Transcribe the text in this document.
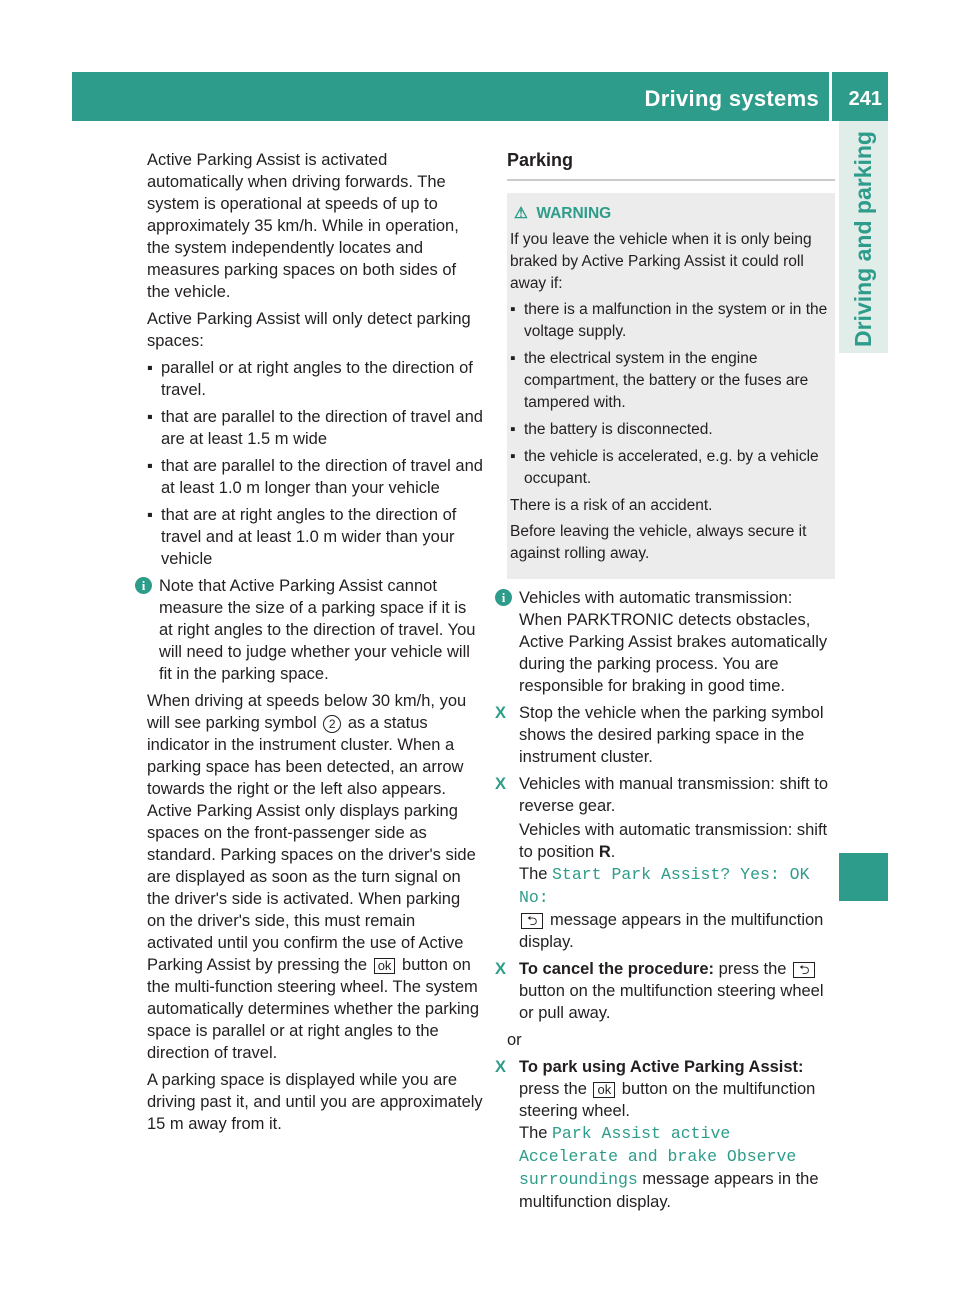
Driving systems 241
Driving and parking

Active Parking Assist is activated automatically when driving forwards. The system is operational at speeds of up to approximately 35 km/h. While in operation, the system independently locates and measures parking spaces on both sides of the vehicle.

Active Parking Assist will only detect parking spaces:

▪ parallel or at right angles to the direction of travel.
▪ that are parallel to the direction of travel and are at least 1.5 m wide
▪ that are parallel to the direction of travel and at least 1.0 m longer than your vehicle
▪ that are at right angles to the direction of travel and at least 1.0 m wider than your vehicle
i Note that Active Parking Assist cannot measure the size of a parking space if it is at right angles to the direction of travel. You will need to judge whether your vehicle will fit in the parking space.

When driving at speeds below 30 km/h, you will see parking symbol 2 as a status indicator in the instrument cluster. When a parking space has been detected, an arrow towards the right or the left also appears. Active Parking Assist only displays parking spaces on the front-passenger side as standard. Parking spaces on the driver's side are displayed as soon as the turn signal on the driver's side is activated. When parking on the driver's side, this must remain activated until you confirm the use of Active Parking Assist by pressing the ok button on the multi-function steering wheel. The system automatically determines whether the parking space is parallel or at right angles to the direction of travel.

A parking space is displayed while you are driving past it, and until you are approximately 15 m away from it.

Parking

⚠ WARNING

If you leave the vehicle when it is only being braked by Active Parking Assist it could roll away if:

▪ there is a malfunction in the system or in the voltage supply.
▪ the electrical system in the engine compartment, the battery or the fuses are tampered with.
▪ the battery is disconnected.
▪ the vehicle is accelerated, e.g. by a vehicle occupant.

There is a risk of an accident.

Before leaving the vehicle, always secure it against rolling away.

i Vehicles with automatic transmission:
When PARKTRONIC detects obstacles, Active Parking Assist brakes automatically during the parking process. You are responsible for braking in good time.
X Stop the vehicle when the parking symbol shows the desired parking space in the instrument cluster.
X Vehicles with manual transmission: shift to reverse gear.
Vehicles with automatic transmission: shift to position R.
The Start Park Assist? Yes: OK No:
⮌ message appears in the multifunction display.
X To cancel the procedure: press the ⮌ button on the multifunction steering wheel or pull away.

or

X To park using Active Parking Assist:
press the ok button on the multifunction steering wheel.
The Park Assist active Accelerate and brake Observe surroundings message appears in the multifunction display.
